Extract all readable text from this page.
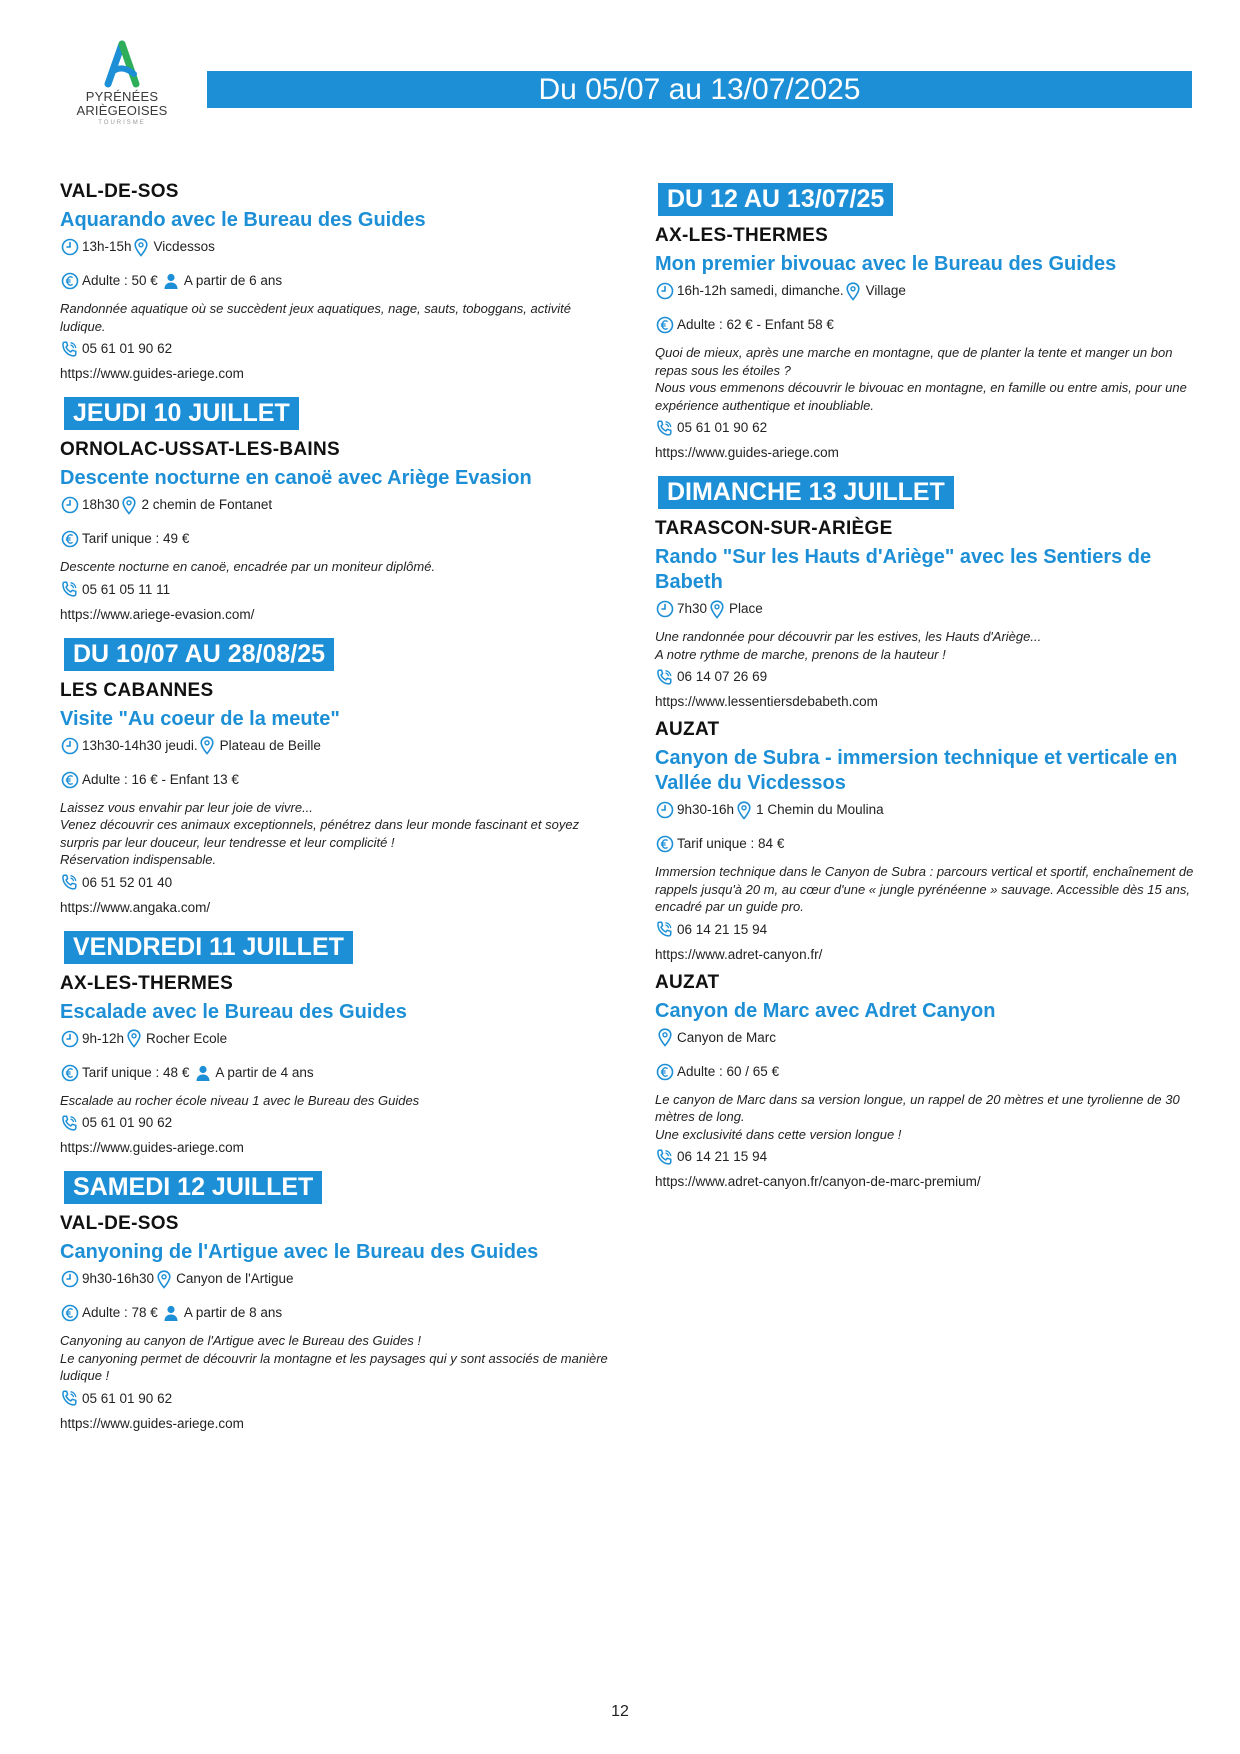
PYRÉNÉES
ARIÈGEOISES
TOURISME
Du 05/07 au 13/07/2025
VAL-DE-SOS
Aquarando avec le Bureau des Guides
13h-15h Vicdessos
Adulte : 50 € A partir de 6 ans
Randonnée aquatique où se succèdent jeux aquatiques, nage, sauts, toboggans, activité ludique.
05 61 01 90 62
https://www.guides-ariege.com
JEUDI 10 JUILLET
ORNOLAC-USSAT-LES-BAINS
Descente nocturne en canoë avec Ariège Evasion
18h30 2 chemin de Fontanet
Tarif unique : 49 €
Descente nocturne en canoë, encadrée par un moniteur diplômé.
05 61 05 11 11
https://www.ariege-evasion.com/
DU 10/07 AU 28/08/25
LES CABANNES
Visite "Au coeur de la meute"
13h30-14h30 jeudi. Plateau de Beille
Adulte : 16 € - Enfant 13 €
Laissez vous envahir par leur joie de vivre...
Venez découvrir ces animaux exceptionnels, pénétrez dans leur monde fascinant et soyez surpris par leur douceur, leur tendresse et leur complicité !
Réservation indispensable.
06 51 52 01 40
https://www.angaka.com/
VENDREDI 11 JUILLET
AX-LES-THERMES
Escalade avec le Bureau des Guides
9h-12h Rocher Ecole
Tarif unique : 48 € A partir de 4 ans
Escalade au rocher école niveau 1 avec le Bureau des Guides
05 61 01 90 62
https://www.guides-ariege.com
SAMEDI 12 JUILLET
VAL-DE-SOS
Canyoning de l'Artigue avec le Bureau des Guides
9h30-16h30 Canyon de l'Artigue
Adulte : 78 € A partir de 8 ans
Canyoning au canyon de l'Artigue avec le Bureau des Guides !
Le canyoning permet de découvrir la montagne et les paysages qui y sont associés de manière ludique !
05 61 01 90 62
https://www.guides-ariege.com
DU 12 AU 13/07/25
AX-LES-THERMES
Mon premier bivouac avec le Bureau des Guides
16h-12h samedi, dimanche. Village
Adulte : 62 € - Enfant 58 €
Quoi de mieux, après une marche en montagne, que de planter la tente et manger un bon repas sous les étoiles ?
Nous vous emmenons découvrir le bivouac en montagne, en famille ou entre amis, pour une expérience authentique et inoubliable.
05 61 01 90 62
https://www.guides-ariege.com
DIMANCHE 13 JUILLET
TARASCON-SUR-ARIÈGE
Rando "Sur les Hauts d'Ariège" avec les Sentiers de Babeth
7h30 Place
Une randonnée pour découvrir par les estives, les Hauts d'Ariège...
A notre rythme de marche, prenons de la hauteur !
06 14 07 26 69
https://www.lessentiersdebabeth.com
AUZAT
Canyon de Subra - immersion technique et verticale en Vallée du Vicdessos
9h30-16h 1 Chemin du Moulina
Tarif unique : 84 €
Immersion technique dans le Canyon de Subra : parcours vertical et sportif, enchaînement de rappels jusqu'à 20 m, au cœur d'une « jungle pyrénéenne » sauvage. Accessible dès 15 ans, encadré par un guide pro.
06 14 21 15 94
https://www.adret-canyon.fr/
AUZAT
Canyon de Marc avec Adret Canyon
Canyon de Marc
Adulte : 60 / 65 €
Le canyon de Marc dans sa version longue, un rappel de 20 mètres et une tyrolienne de 30 mètres de long.
Une exclusivité dans cette version longue !
06 14 21 15 94
https://www.adret-canyon.fr/canyon-de-marc-premium/
12
